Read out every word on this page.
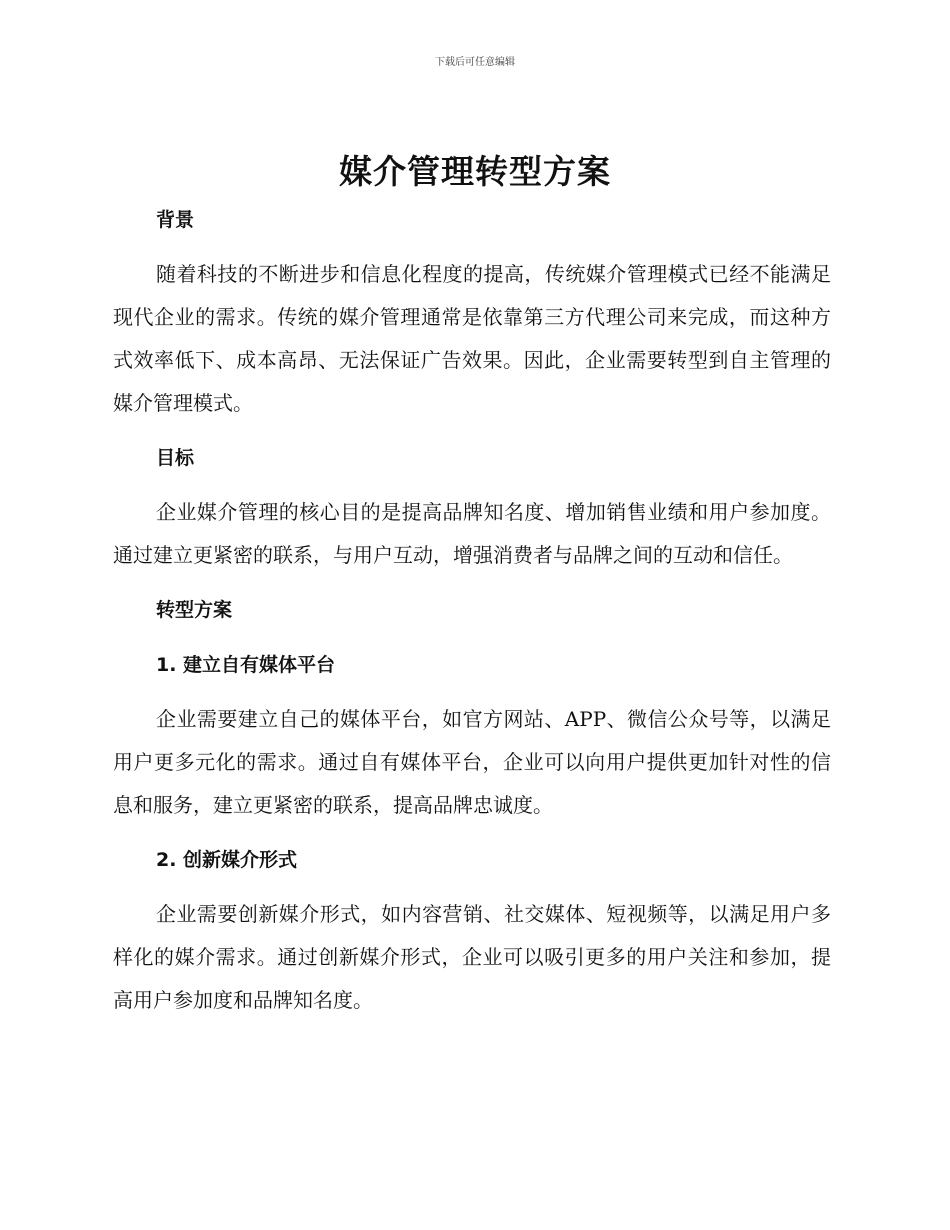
下载后可任意编辑
媒介管理转型方案
背景
随着科技的不断进步和信息化程度的提高，传统媒介管理模式已经不能满足现代企业的需求。传统的媒介管理通常是依靠第三方代理公司来完成，而这种方式效率低下、成本高昂、无法保证广告效果。因此，企业需要转型到自主管理的媒介管理模式。
目标
企业媒介管理的核心目的是提高品牌知名度、增加销售业绩和用户参加度。通过建立更紧密的联系，与用户互动，增强消费者与品牌之间的互动和信任。
转型方案
1. 建立自有媒体平台
企业需要建立自己的媒体平台，如官方网站、APP、微信公众号等，以满足用户更多元化的需求。通过自有媒体平台，企业可以向用户提供更加针对性的信息和服务，建立更紧密的联系，提高品牌忠诚度。
2. 创新媒介形式
企业需要创新媒介形式，如内容营销、社交媒体、短视频等，以满足用户多样化的媒介需求。通过创新媒介形式，企业可以吸引更多的用户关注和参加，提高用户参加度和品牌知名度。
